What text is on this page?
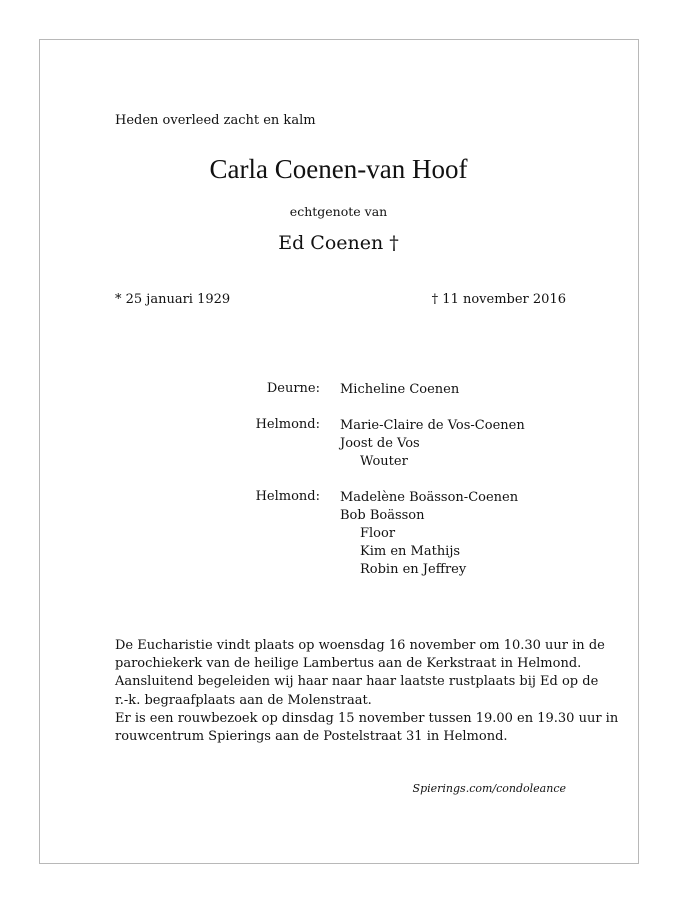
Heden overleed zacht en kalm
Carla Coenen-van Hoof
echtgenote van
Ed Coenen †
* 25 januari 1929	† 11 november 2016
Deurne: Micheline Coenen
Helmond: Marie-Claire de Vos-Coenen
Joost de Vos
Wouter
Helmond: Madelène Boässon-Coenen
Bob Boässon
Floor
Kim en Mathijs
Robin en Jeffrey
De Eucharistie vindt plaats op woensdag 16 november om 10.30 uur in de
parochiekerk van de heilige Lambertus aan de Kerkstraat in Helmond.
Aansluitend begeleiden wij haar naar haar laatste rustplaats bij Ed op de
r.-k. begraafplaats aan de Molenstraat.
Er is een rouwbezoek op dinsdag 15 november tussen 19.00 en 19.30 uur in
rouwcentrum Spierings aan de Postelstraat 31 in Helmond.
Spierings.com/condoleance
